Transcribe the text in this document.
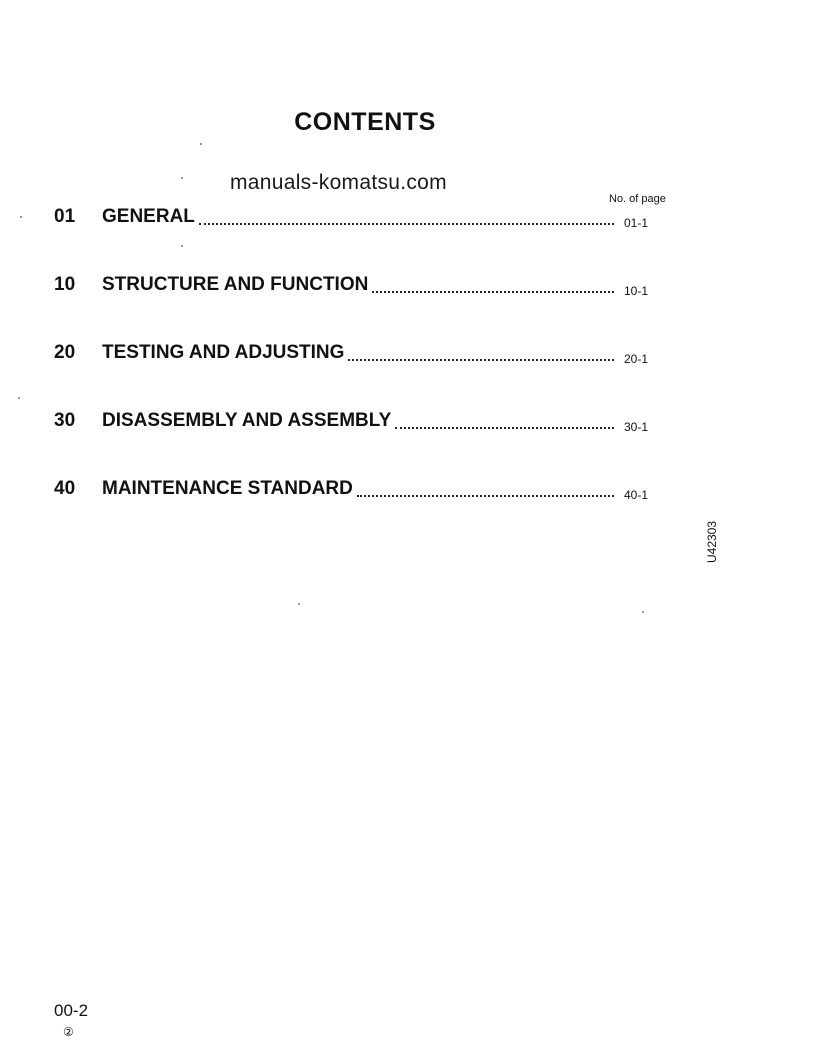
CONTENTS
manuals-komatsu.com
No. of page
01	GENERAL	01-1
10	STRUCTURE AND FUNCTION	10-1
20	TESTING AND ADJUSTING	20-1
30	DISASSEMBLY AND ASSEMBLY	30-1
40	MAINTENANCE STANDARD	40-1
U42303
00-2
②
